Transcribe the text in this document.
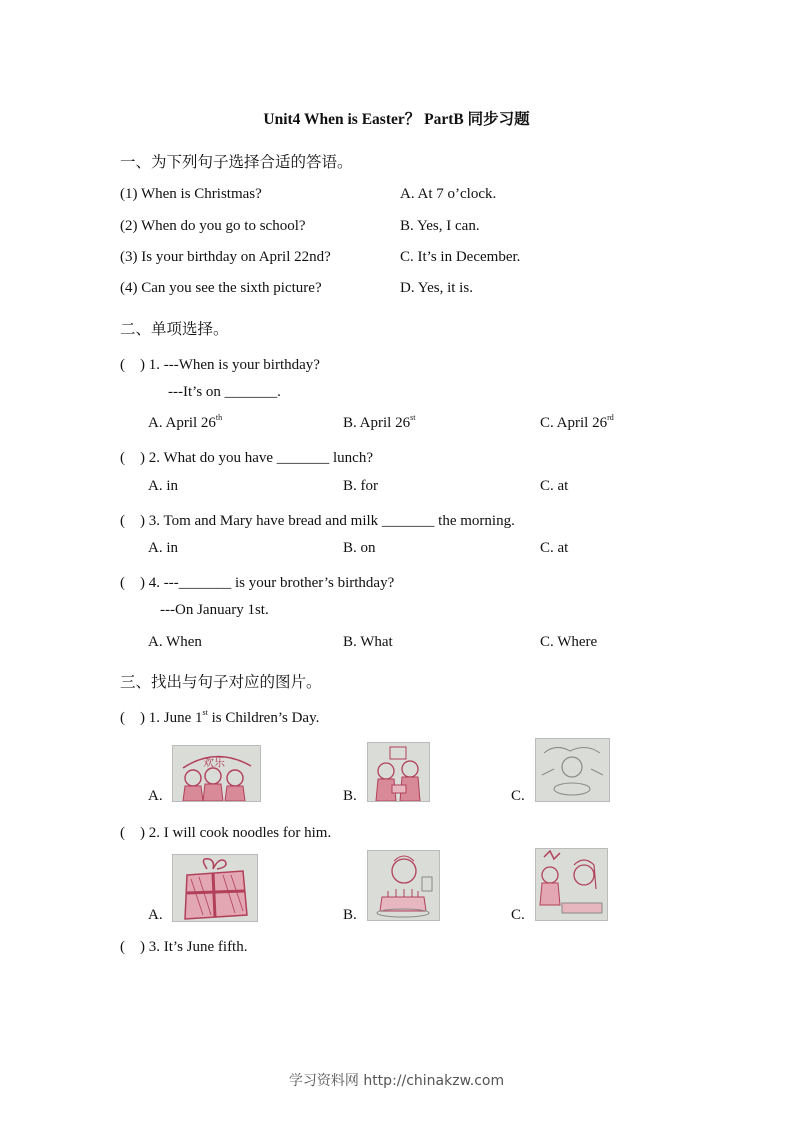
Unit4 When is Easter？ PartB 同步习题
一、为下列句子选择合适的答语。
(1) When is Christmas?	A. At 7 o’clock.
(2) When do you go to school?	B. Yes, I can.
(3) Is your birthday on April 22nd?	C. It’s in December.
(4) Can you see the sixth picture?	D. Yes, it is.
二、单项选择。
(　) 1. ---When is your birthday?
---It’s on _______.
A. April 26th	B. April 26st	C. April 26rd
(　) 2. What do you have _______ lunch?
A. in	B. for	C. at
(　) 3. Tom and Mary have bread and milk _______ the morning.
A. in	B. on	C. at
(　) 4. ---_______ is your brother’s birthday?
---On January 1st.
A. When	B. What	C. Where
三、找出与句子对应的图片。
(　) 1. June 1st is Children’s Day.
A.
欢乐
B.	C.
(　) 2. I will cook noodles for him.
A.	B.	C.
(　) 3. It’s June fifth.
学习资料网 http://chinakzw.com
